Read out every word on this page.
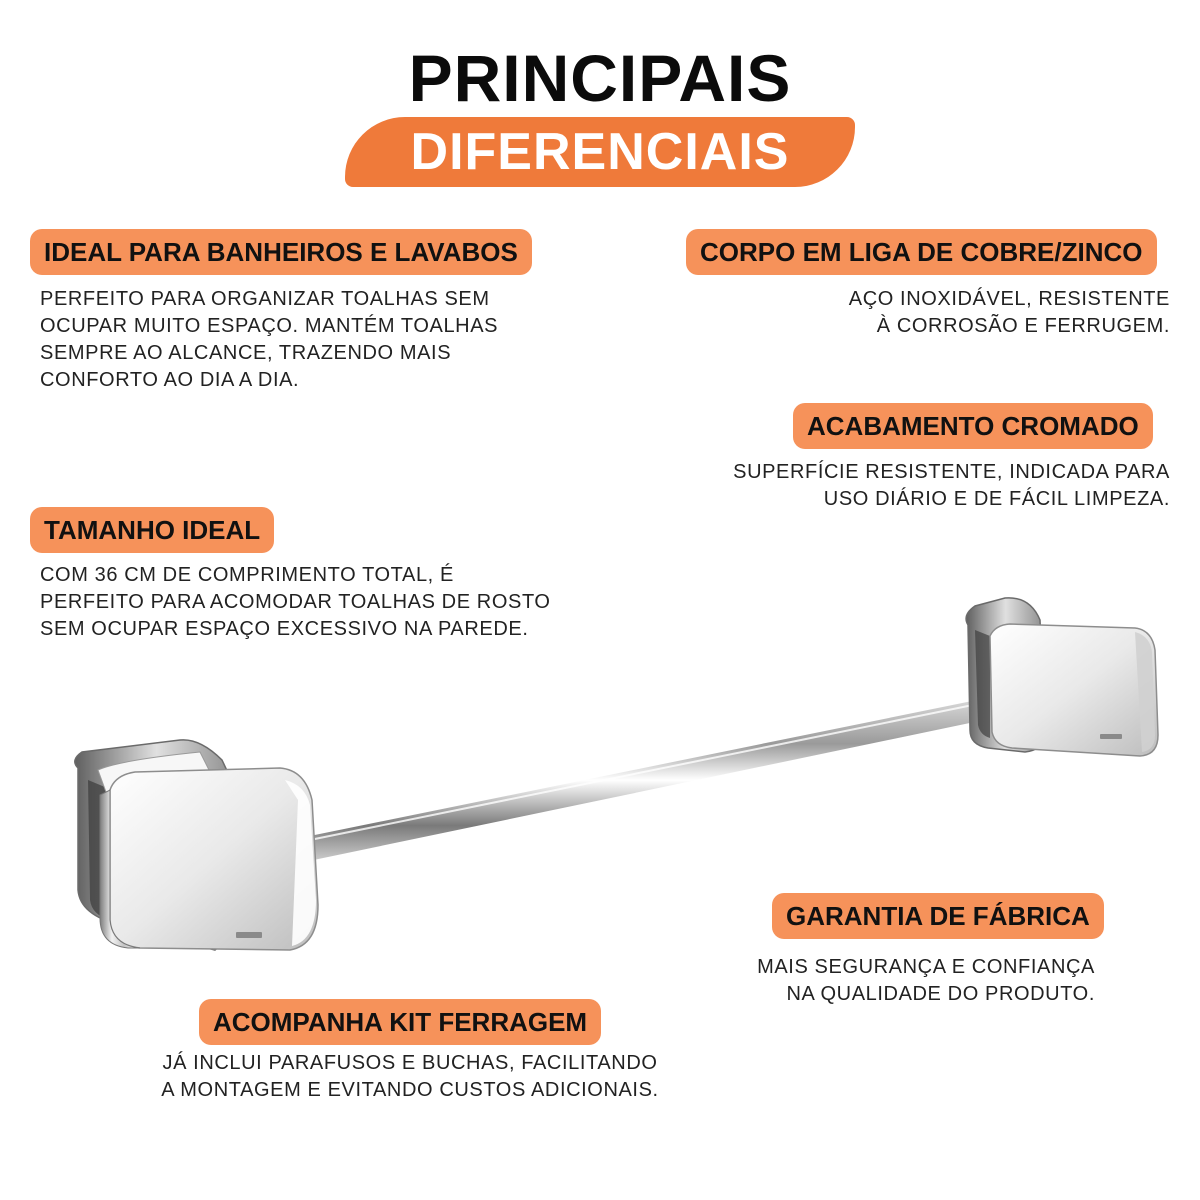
PRINCIPAIS
DIFERENCIAIS
IDEAL PARA BANHEIROS E LAVABOS
PERFEITO PARA ORGANIZAR TOALHAS SEM
OCUPAR MUITO ESPAÇO. MANTÉM TOALHAS
SEMPRE AO ALCANCE, TRAZENDO MAIS
CONFORTO AO DIA A DIA.
CORPO EM LIGA DE COBRE/ZINCO
AÇO INOXIDÁVEL, RESISTENTE
À CORROSÃO E FERRUGEM.
ACABAMENTO CROMADO
SUPERFÍCIE RESISTENTE, INDICADA PARA
USO DIÁRIO E DE FÁCIL LIMPEZA.
TAMANHO IDEAL
COM 36 CM DE COMPRIMENTO TOTAL, É
PERFEITO PARA ACOMODAR TOALHAS DE ROSTO
SEM OCUPAR ESPAÇO EXCESSIVO NA PAREDE.
GARANTIA DE FÁBRICA
MAIS SEGURANÇA E CONFIANÇA
NA QUALIDADE DO PRODUTO.
ACOMPANHA KIT FERRAGEM
JÁ INCLUI PARAFUSOS E BUCHAS, FACILITANDO
A MONTAGEM E EVITANDO CUSTOS ADICIONAIS.
